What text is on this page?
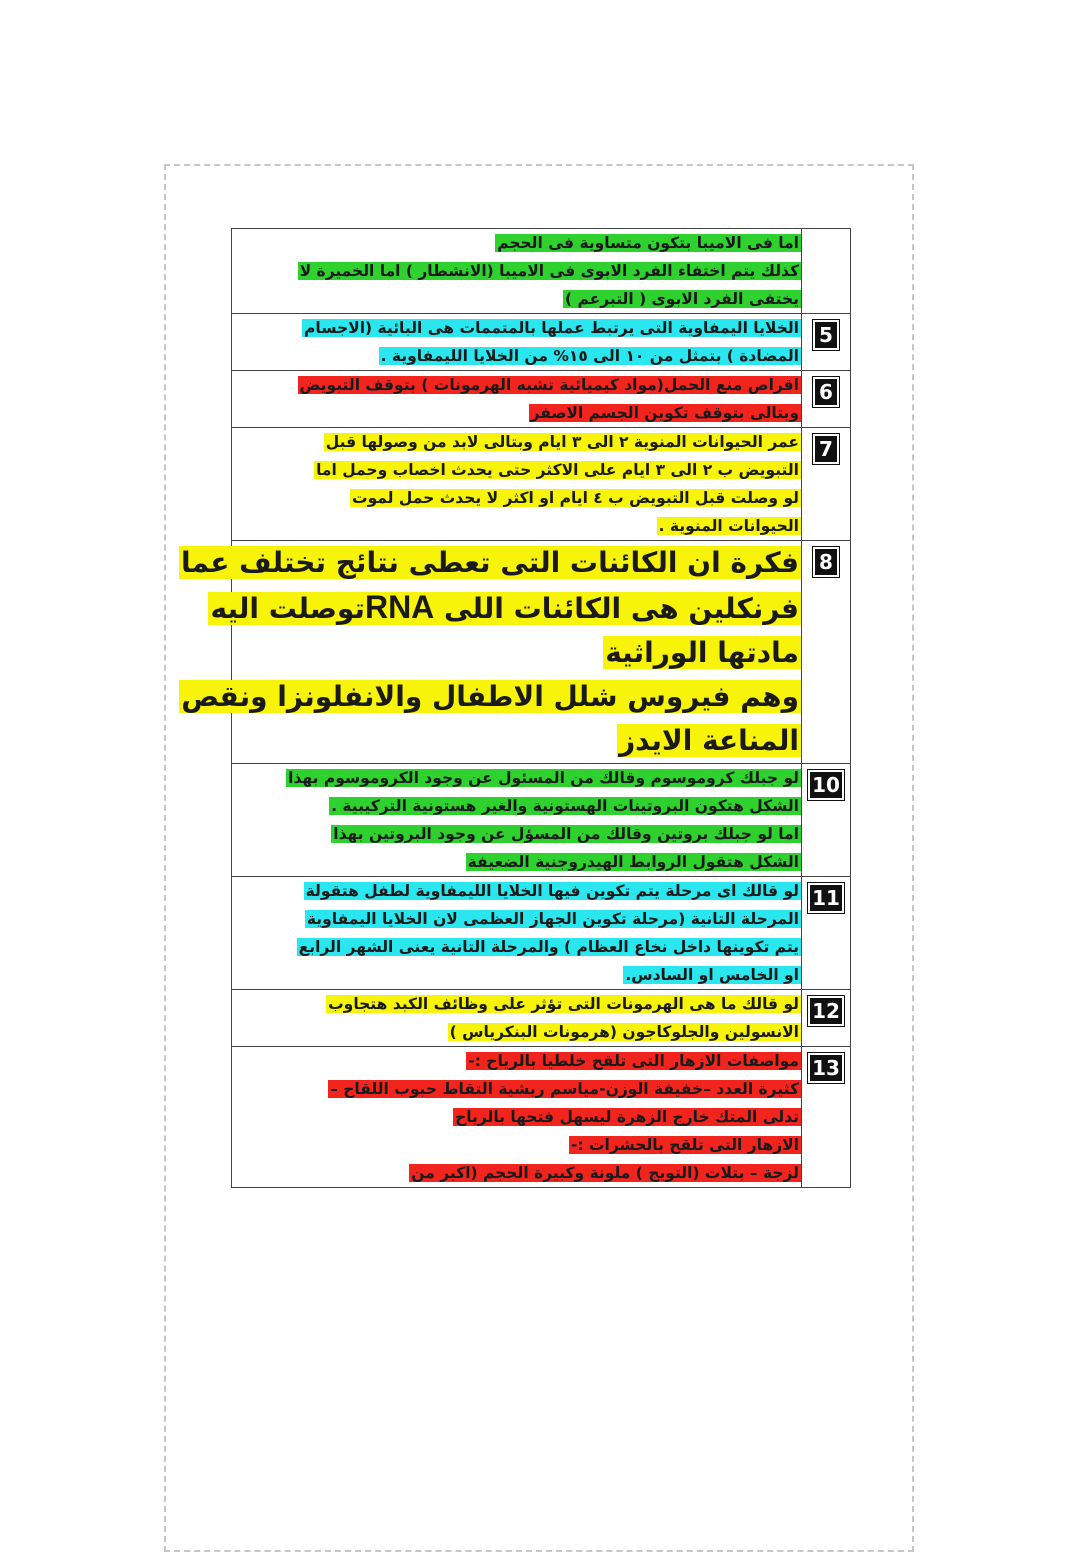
	اما فى الاميبا بتكون متساوية فى الحجم
كذلك يتم اختفاء الفرد الابوى فى الاميبا (الانشطار ) اما الخميرة لا
يختفى الفرد الابوى ( التبرعم )

5	الخلايا اليمفاوية التى يرتبط عملها بالمتممات هى البائية (الاجسام
المضادة ) بتمثل من ١٠ الى ١٥% من الخلايا الليمفاوية .

6	اقراص منع الحمل(مواد كيميائية تشبه الهرمونات ) بتوقف التبويض
وبتالى بتوقف تكوين الجسم الاصفر

7	عمر الحيوانات المنوية ٢ الى ٣ ايام وبتالى لابد من وصولها قبل
التبويض ب ٢ الى ٣ ايام على الاكثر حتى يحدث اخصاب وحمل اما
لو وصلت قبل التبويض ب ٤ ايام او اكثر لا يحدث حمل لموت
الحيوانات المنوية .

8	فكرة ان الكائنات التى تعطى نتائج تختلف عما
فرنكلين هى الكائنات اللى RNAتوصلت اليه
مادتها الوراثية
وهم فيروس شلل الاطفال والانفلونزا ونقص
المناعة الايدز

10	لو جبلك كروموسوم وقالك من المسئول عن وجود الكروموسوم بهذا
الشكل هتكون البروتينات الهستونية والغير هستونية التركيبية .
اما لو جبلك بروتين وقالك من المسؤل عن وجود البروتين بهذا
الشكل هتقول الروابط الهيدروجنية الضعيفة

11	لو قالك اى مرحلة يتم تكوين فيها الخلايا الليمفاوية لطفل هتقولة
المرحلة التانية (مرحلة تكوين الجهاز العظمى لان الخلايا اليمفاوية
يتم تكوينها داخل نخاع العظام ) والمرحلة التانية يعنى الشهر الرابع
او الخامس او السادس.

12	لو قالك ما هى الهرمونات التى تؤثر على وظائف الكبد هتجاوب
الانسولين والجلوكاجون (هرمونات البنكرياس )

13	مواصفات الازهار التى تلقح خلطيا بالرياح :-
كثيرة العدد –خفيفة الوزن-مياسم ريشية التقاط حبوب اللقاح –
تدلى المتك خارج الزهرة ليسهل فتحها بالرياح
الازهار التى تلقح بالحشرات :-
لزجة – بتلات (التويج ) ملونة وكبيرة الحجم (اكبر من
